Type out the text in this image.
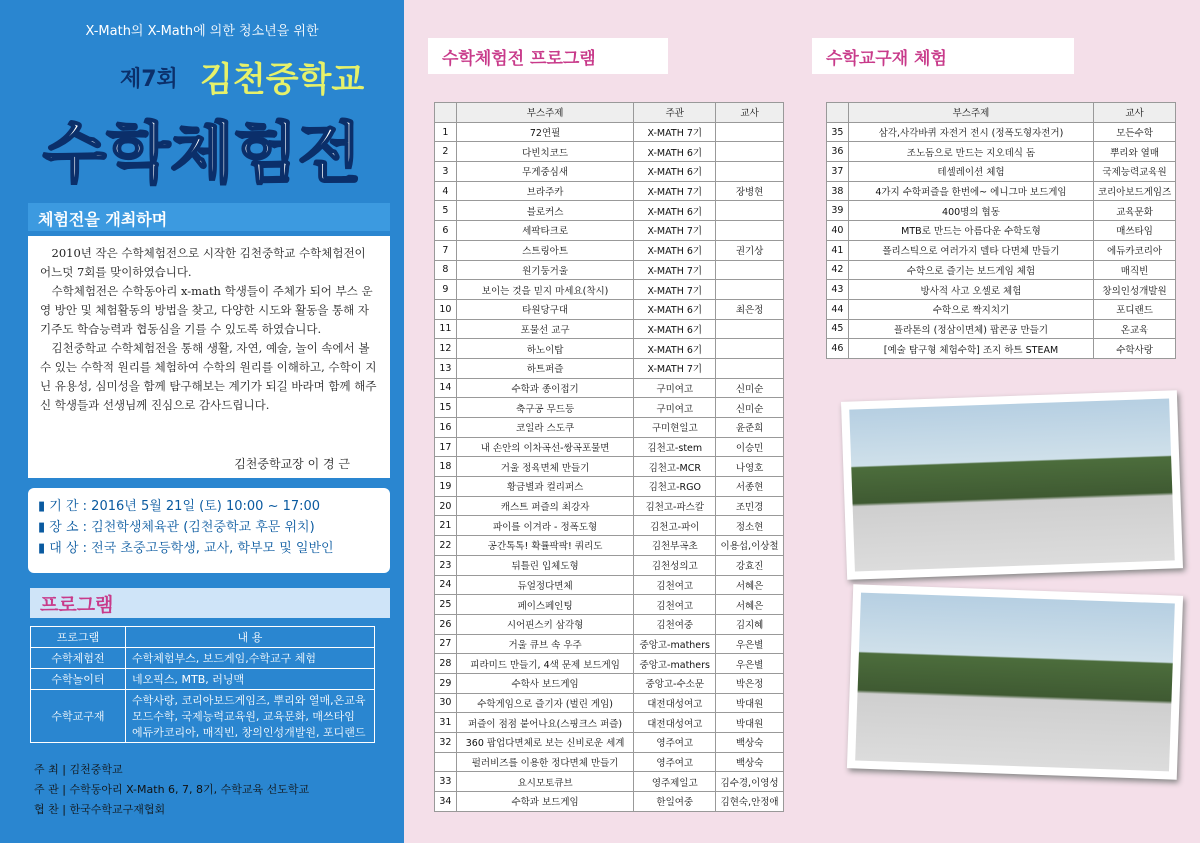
X-Math의 X-Math에 의한 청소년을 위한
제7회 김천중학교
수학체험전
체험전을 개최하며

2010년 작은 수학체험전으로 시작한 김천중학교 수학체험전이 어느덧 7회를 맞이하였습니다.

수학체험전은 수학동아리 x-math 학생들이 주체가 되어 부스 운영 방안 및 체험활동의 방법을 찾고, 다양한 시도와 활동을 통해 자기주도 학습능력과 협동심을 기를 수 있도록 하였습니다.

김천중학교 수학체험전을 통해 생활, 자연, 예술, 놀이 속에서 볼 수 있는 수학적 원리를 체험하여 수학의 원리를 이해하고, 수학이 지닌 유용성, 심미성을 함께 탐구해보는 계기가 되길 바라며 함께 해주신 학생들과 선생님께 진심으로 감사드립니다.

김천중학교장 이 경 근
▮ 기 간 : 2016년 5월 21일 (토) 10:00 ~ 17:00
▮ 장 소 : 김천학생체육관 (김천중학교 후문 위치)
▮ 대 상 : 전국 초중고등학생, 교사, 학부모 및 일반인
프로그램
프로그램	내 용
수학체험전	수학체험부스, 보드게임,수학교구 체험
수학놀이터	네오픽스, MTB, 러닝맥
수학교구재	수학사랑, 코리아보드게임즈, 뿌리와 열매,온교육 모드수학, 국제능력교육원, 교육문화, 매쓰타임 에듀카코리아, 매직빈, 창의인성개발원, 포디랜드
주 최 | 김천중학교
주 관 | 수학동아리 X-Math 6, 7, 8기, 수학교육 선도학교
협 찬 | 한국수학교구재협회
수학체험전 프로그램
	부스주제	주관	교사
1	72연필	X-MATH 7기	
2	다빈치코드	X-MATH 6기	
3	무게중심새	X-MATH 6기	
4	브라주카	X-MATH 7기	장병현
5	블로커스	X-MATH 6기	
6	세팍타크로	X-MATH 7기	
7	스트링아트	X-MATH 6기	권기상
8	원기둥거울	X-MATH 7기	
9	보이는 것을 믿지 마세요(착시)	X-MATH 7기	
10	타원당구대	X-MATH 6기	최은정
11	포물선 교구	X-MATH 6기	
12	하노이탑	X-MATH 6기	
13	하트퍼즐	X-MATH 7기	
14	수학과 종이접기	구미여고	신미순
15	축구공 무드등	구미여고	신미순
16	코일라 스도쿠	구미현일고	윤준희
17	내 손안의 이차곡선-쌍곡포물면	김천고-stem	이승민
18	거울 정육면체 만들기	김천고-MCR	나영호
19	황금별과 컬리퍼스	김천고-RGO	서종현
20	캐스트 퍼즐의 최강자	김천고-파스칼	조민경
21	파이를 이겨라 - 정폭도형	김천고-파이	정소현
22	공간톡톡! 확률팍팍! 쿼리도	김천부곡초	이용섭,이상철
23	뒤틀린 입체도형	김천성의고	강효진
24	듀얼정다면체	김천여고	서혜은
25	페이스페인팅	김천여고	서혜은
26	시어핀스키 삼각형	김천여중	김지혜
27	거울 큐브 속 우주	중앙고-mathers	우은별
28	피라미드 만들기, 4색 문제 보드게임	중앙고-mathers	우은별
29	수학사 보드게임	중앙고-수소문	박은정
30	수학게임으로 즐기자 (벌린 게임)	대전대성여고	박대원
31	퍼즐이 점점 붙어나요(스핑크스 퍼즐)	대전대성여고	박대원
32	360 팝업다면체로 보는 신비로운 세계	영주여고	백상숙
	펄러비즈를 이용한 정다면체 만들기	영주여고	백상숙
33	요시모토큐브	영주제일고	김수경,이영성
34	수학과 보드게임	한일여중	김현숙,안정애
수학교구재 체험
	부스주제	교사
35	삼각,사각바퀴 자전거 전시 (정폭도형자전거)	모든수학
36	조노돔으로 만드는 지오데식 돔	뿌리와 열매
37	테셀레이션 체험	국제능력교육원
38	4가지 수학퍼즐을 한번에~ 에니그마 보드게임	코리아보드게임즈
39	400명의 협동	교육문화
40	MTB로 만드는 아름다운 수학도형	매쓰타임
41	폴리스틱으로 여러가지 델타 다면체 만들기	에듀카코리아
42	수학으로 즐기는 보드게임 체험	매직빈
43	방사적 사고 오셀로 체험	창의인성개발원
44	수학으로 짝지치기	포디랜드
45	플라톤의 (정삼이면체) 팝콘공 만들기	온교육
46	[예술 탐구형 체험수학] 조지 하트 STEAM	수학사랑
